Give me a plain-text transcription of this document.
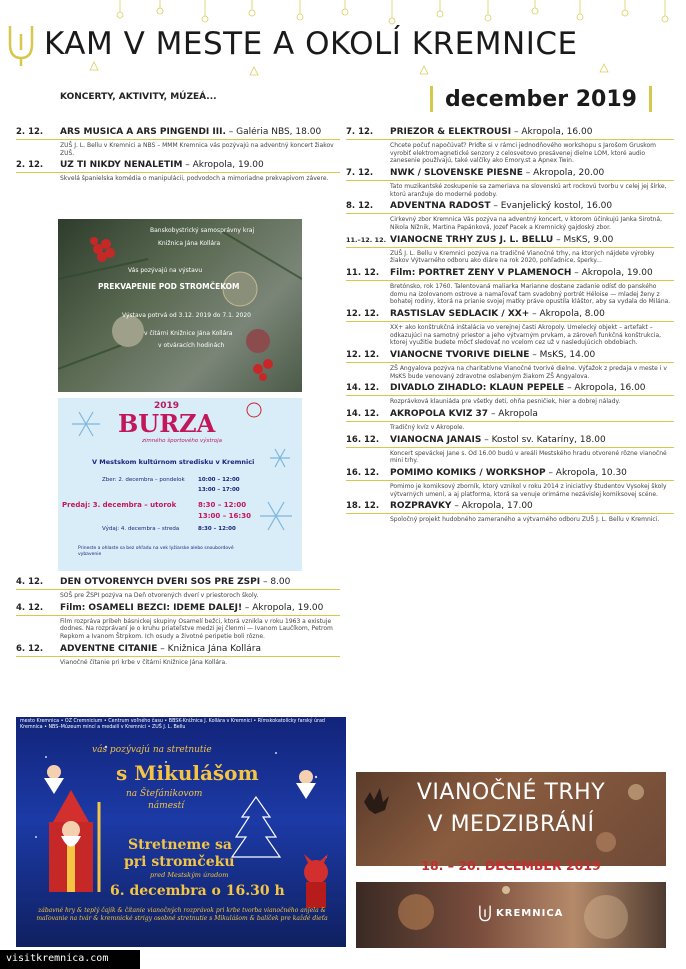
KAM V MESTE A OKOLÍ KREMNICE
KONCERTY, AKTIVITY, MÚZEÁ...	december 2019
2. 12.	ARS MUSICA A ARS PINGENDI III. – Galéria NBS, 18.00
ZUŠ J. L. Bellu v Kremnici a NBS – MMM Kremnica vás pozývajú na adventný koncert žiakov ZUŠ.
2. 12.	UŽ TI NIKDY NENALETÍM – Akropola, 19.00
Skvelá španielska komédia o manipulácii, podvodoch a mimoriadne prekvapivom závere.
Banskobystrický samosprávny kraj
Knižnica Jána Kollára
Vás pozývajú na výstavu
PREKVAPENIE POD STROMČEKOM
Výstava potrvá od 3.12. 2019 do 7.1. 2020
v čitárni Knižnice Jána Kollára
v otváracích hodinách
2019
BURZA
zimného športového výstroja
V Mestskom kultúrnom stredisku v Kremnici
Zber: 2. decembra – pondelok 10:00 – 12:00
13:00 – 17:00
Predaj: 3. decembra – utorok	8:30 – 12:00
13:00 – 16:30
Výdaj: 4. decembra – streda	8:30 – 12:00
Prineste a ohlaste sa bez ohľadu na vek lyžiarske alebo snoubordové vybavenie
4. 12.	DEŇ OTVORENÝCH DVERÍ SOŠ PRE ŽSPI – 8.00
SOŠ pre ŽSPI pozýva na Deň otvorených dverí v priestoroch školy.
4. 12.	Film: OSAMELÍ BEŽCI: IDEME ĎALEJ! – Akropola, 19.00
Film rozpráva príbeh básnickej skupiny Osamelí bežci, ktorá vznikla v roku 1963 a existuje dodnes. Na rozprávaní je o kruhu priateľstve medzi jej členmi — Ivanom Laučíkom, Petrom Repkom a Ivanom Štrpkom. Ich osudy a životné peripetie boli rôzne.
6. 12.	ADVENTNÉ ČÍTANIE – Knižnica Jána Kollára
Vianočné čítanie pri krbe v čitárni Knižnice Jána Kollára.
mesto Kremnica • OZ Cremnicium • Centrum voľného času • BBSK-Knižnica J. Kollára v Kremnici • Rímskokatolícky farský úrad Kremnica • NBS–Múzeum mincí a medailí v Kremnici • ZUŠ J. L. Bellu
vás pozývajú na stretnutie
s Mikulášom
na Štefánikovom
námestí
Stretneme sa
pri stromčeku
pred Mestským úradom
6. decembra o 16.30 h
zábavné hry & teplý čajík & čítanie vianočných rozprávok pri krbe tvorba vianočného anjela & maľovanie na tvár & kremnické strigy osobné stretnutie s Mikulášom & balíček pre každé dieťa
7. 12.	PRIEZOR & ELEKTROUŠI – Akropola, 16.00
Chcete počuť napočúvať? Príďte si v rámci jednodňového workshopu s Jarošom Gruskom vyrobiť elektromagnetické senzory z celosvetovo presávenej dielne LOM, ktoré audio zanesenie používajú, také valčíky ako Emory.st a Apnex Twin.
7. 12.	NWK / SLOVENSKÉ PIESNE – Akropola, 20.00
Tato muzikantské zoskupenie sa zameriava na slovenskú art rockovú tvorbu v celej jej šírke, ktorú aranžuje do moderné podoby.
8. 12.	ADVENTNÁ RADOSŤ – Evanjelický kostol, 16.00
Cirkevný zbor Kremnica Vás pozýva na adventný koncert, v ktorom účinkujú Janka Sirotná, Nikola Nížnik, Martina Papánková, Jozef Pacek a Kremnický gajdoský zbor.
11.–12. 12. VIANOČNÉ TRHY ZUŠ J. L. BELLU – MsKS, 9.00
ZUŠ J. L. Bellu v Kremnici pozýva na tradičné Vianočné trhy, na ktorých nájdete výrobky žiakov Výtvarného odboru ako diáre na rok 2020, pohľadnice, šperky...
11. 12.	Film: PORTRÉT ŽENY V PLAMEŇOCH – Akropola, 19.00
Bretónsko, rok 1760. Talentovaná maliarka Marianne dostane zadanie odísť do panského domu na izolovanom ostrove a namaľovať tam svadobný portrét Héloise — mladej ženy z bohatej rodiny, ktorá na prianie svojej matky práve opustila kláštor, aby sa vydala do Milána.
12. 12.	RASTISLAV SEDLAČÍK / XX+ – Akropola, 8.00
XX+ ako konštrukčná inštalácia vo verejnej časti Akropoly. Umelecký objekt – artefakt – odkazujúci na samotný priestor a jeho výtvarným prvkam, a zároveň funkčná konštrukcia, ktorej využitie budete môcť sledovať no vcelom cez už v nasledujúcich obdobiach.
12. 12.	VIANOČNÉ TVORIVÉ DIELNE – MsKS, 14.00
ZŠ Angyalova pozýva na charitatívne Vianočné tvorivé dielne. Výťažok z predaja v meste i v MsKS bude venovaný zdravotne oslabeným žiakom ZŠ Angyalova.
14. 12.	DIVADLO ŽIHADLO: KLAUN PEPELE – Akropola, 16.00
Rozprávková klauniáda pre všetky deti, ohňa pesničiek, hier a dobrej nálady.
14. 12.	AKROPOLA KVÍZ 37 – Akropola
Tradičný kvíz v Akropole.
16. 12.	VIANOČNÁ JANAIS – Kostol sv. Kataríny, 18.00
Koncert speváckej Jane s. Od 16.00 budú v areáli Mestského hradu otvorené rôzne vianočné mini trhy.
16. 12.	POMIMO KOMIKS / WORKSHOP – Akropola, 10.30
Pomimo je komiksový zborník, ktorý vznikol v roku 2014 z iniciatívy študentov Vysokej školy výtvarných umení, a aj platforma, ktorá sa venuje orimárne nezávislej komiksovej scéne.
18. 12.	ROZPRÁVKY – Akropola, 17.00
Spoločný projekt hudobného zameraného a výtvarného odboru ZUŠ J. L. Bellu v Kremnici.
VIANOČNÉ TRHY
V MEDZIBRÁNÍ
18. – 20. DECEMBER 2019
KREMNICA
visitkremnica.com
